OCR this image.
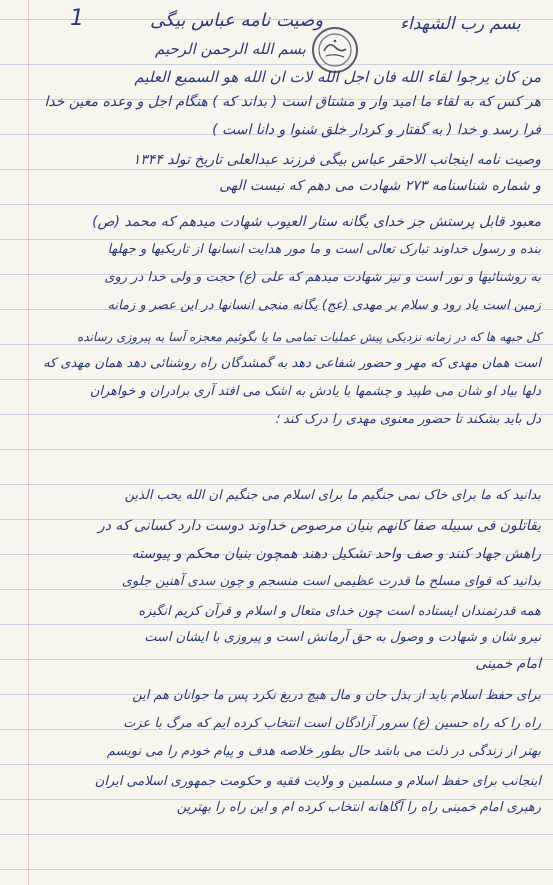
1	وصیت نامه عباس بیگی	بسم رب الشهداء
بسم الله الرحمن الرحیم
من کان یرجوا لقاء الله فان اجل الله لات ان الله هو السمیع العلیم
هر کس که به لقاء ما امید وار و مشتاق است ( بداند که ) هنگام اجل و وعده معین خدا
فرا رسد و خدا ( به گفتار و کردار خلق شنوا و دانا است )
وصیت نامه اینجانب الاحقر عباس بیگی فرزند عبدالعلی تاریخ تولد ۱۳۴۴
و شماره شناسنامه ۲۷۳ شهادت می دهم که نیست الهی
معبود قابل پرستش جز خدای یگانه ستار العیوب شهادت میدهم که محمد (ص)
بنده و رسول خداوند تبارک تعالی است و ما مور هدایت انسانها از تاریکیها و جهلها
به روشنائیها و نور است و نیز شهادت میدهم که علی (ع) حجت و ولی خدا در روی
زمین است یاد رود و سلام بر مهدی (عج) یگانه منجی انسانها در این عصر و زمانه
کل جبهه ها که در زمانه نزدیکی پیش عملیات تمامی ما یا بگوئیم معجزه آسا به پیروزی رسانده
است همان مهدی که مهر و حضور شفاعی دهد به گمشدگان راه روشنائی دهد همان مهدی که
دلها بیاد او شان می طپید و چشمها با یادش به اشک می افتد آری برادران و خواهران
دل باید بشکند تا حضور معنوی مهدی را درک کند ؛
بدانید که ما برای خاک نمی جنگیم ما برای اسلام می جنگیم ان الله یحب الذین
یقاتلون فی سبیله صفا کانهم بنیان مرصوص خداوند دوست دارد کسانی که در
راهش جهاد کنند و صف واحد تشکیل دهند همچون بنیان محکم و پیوسته
بدانید که قوای مسلح ما قدرت عظیمی است منسجم و چون سدی آهنین جلوی
همه قدرتمندان ایستاده است چون خدای متعال و اسلام و قرآن کریم انگیزه
نیرو شان و شهادت و وصول به حق آرمانش است و پیروزی با ایشان است
امام خمینی
برای حفظ اسلام باید از بذل جان و مال هیچ دریغ نکرد پس ما جوانان هم این
راه را که راه حسین (ع) سرور آزادگان است انتخاب کرده ایم که مرگ با عزت
بهتر از زندگی در ذلت می باشد حال بطور خلاصه هدف و پیام خودم را می نویسم
اینجانب برای حفظ اسلام و مسلمین و ولایت فقیه و حکومت جمهوری اسلامی ایران
رهبری امام خمینی راه را آگاهانه انتخاب کرده ام و این راه را بهترین
